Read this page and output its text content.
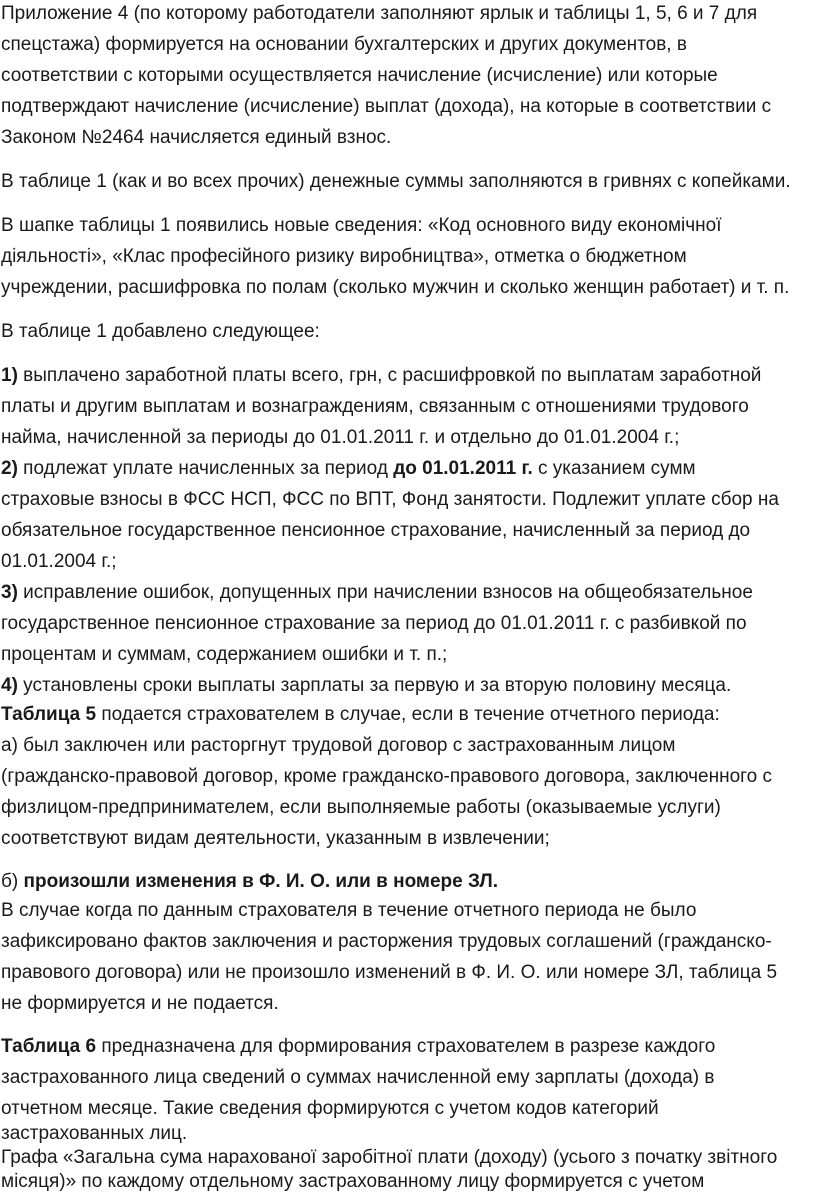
Приложение 4 (по которому работодатели заполняют ярлык и таблицы 1, 5, 6 и 7 для
спецстажа) формируется на основании бухгалтерских и других документов, в
соответствии с которыми осуществляется начисление (исчисление) или которые
подтверждают начисление (исчисление) выплат (дохода), на которые в соответствии с
Законом №2464 начисляется единый взнос.
В таблице 1 (как и во всех прочих) денежные суммы заполняются в гривнях с копейками.
В шапке таблицы 1 появились новые сведения: «Код основного виду економічної
діяльності», «Клас професійного ризику виробництва», отметка о бюджетном
учреждении, расшифровка по полам (сколько мужчин и сколько женщин работает) и т. п.
В таблице 1 добавлено следующее:
1) выплачено заработной платы всего, грн, с расшифровкой по выплатам заработной
платы и другим выплатам и вознаграждениям, связанным с отношениями трудового
найма, начисленной за периоды до 01.01.2011 г. и отдельно до 01.01.2004 г.;
2) подлежат уплате начисленных за период до 01.01.2011 г. с указанием сумм
страховые взносы в ФСС НСП, ФСС по ВПТ, Фонд занятости. Подлежит уплате сбор на
обязательное государственное пенсионное страхование, начисленный за период до
01.01.2004 г.;
3) исправление ошибок, допущенных при начислении взносов на общеобязательное
государственное пенсионное страхование за период до 01.01.2011 г. с разбивкой по
процентам и суммам, содержанием ошибки и т. п.;
4) установлены сроки выплаты зарплаты за первую и за вторую половину месяца.
Таблица 5 подается страхователем в случае, если в течение отчетного периода:
а) был заключен или расторгнут трудовой договор с застрахованным лицом
(гражданско-правовой договор, кроме гражданско-правового договора, заключенного с
физлицом-предпринимателем, если выполняемые работы (оказываемые услуги)
соответствуют видам деятельности, указанным в извлечении;
б) произошли изменения в Ф. И. О. или в номере ЗЛ.
В случае когда по данным страхователя в течение отчетного периода не было
зафиксировано фактов заключения и расторжения трудовых соглашений (гражданско-
правового договора) или не произошло изменений в Ф. И. О. или номере ЗЛ, таблица 5
не формируется и не подается.
Таблица 6 предназначена для формирования страхователем в разрезе каждого
застрахованного лица сведений о суммах начисленной ему зарплаты (дохода) в
отчетном месяце. Такие сведения формируются с учетом кодов категорий
застрахованных лиц.
Графа «Загальна сума нарахованої заробітної плати (доходу) (усього з початку звітного
місяця)» по каждому отдельному застрахованному лицу формируется с учетом
